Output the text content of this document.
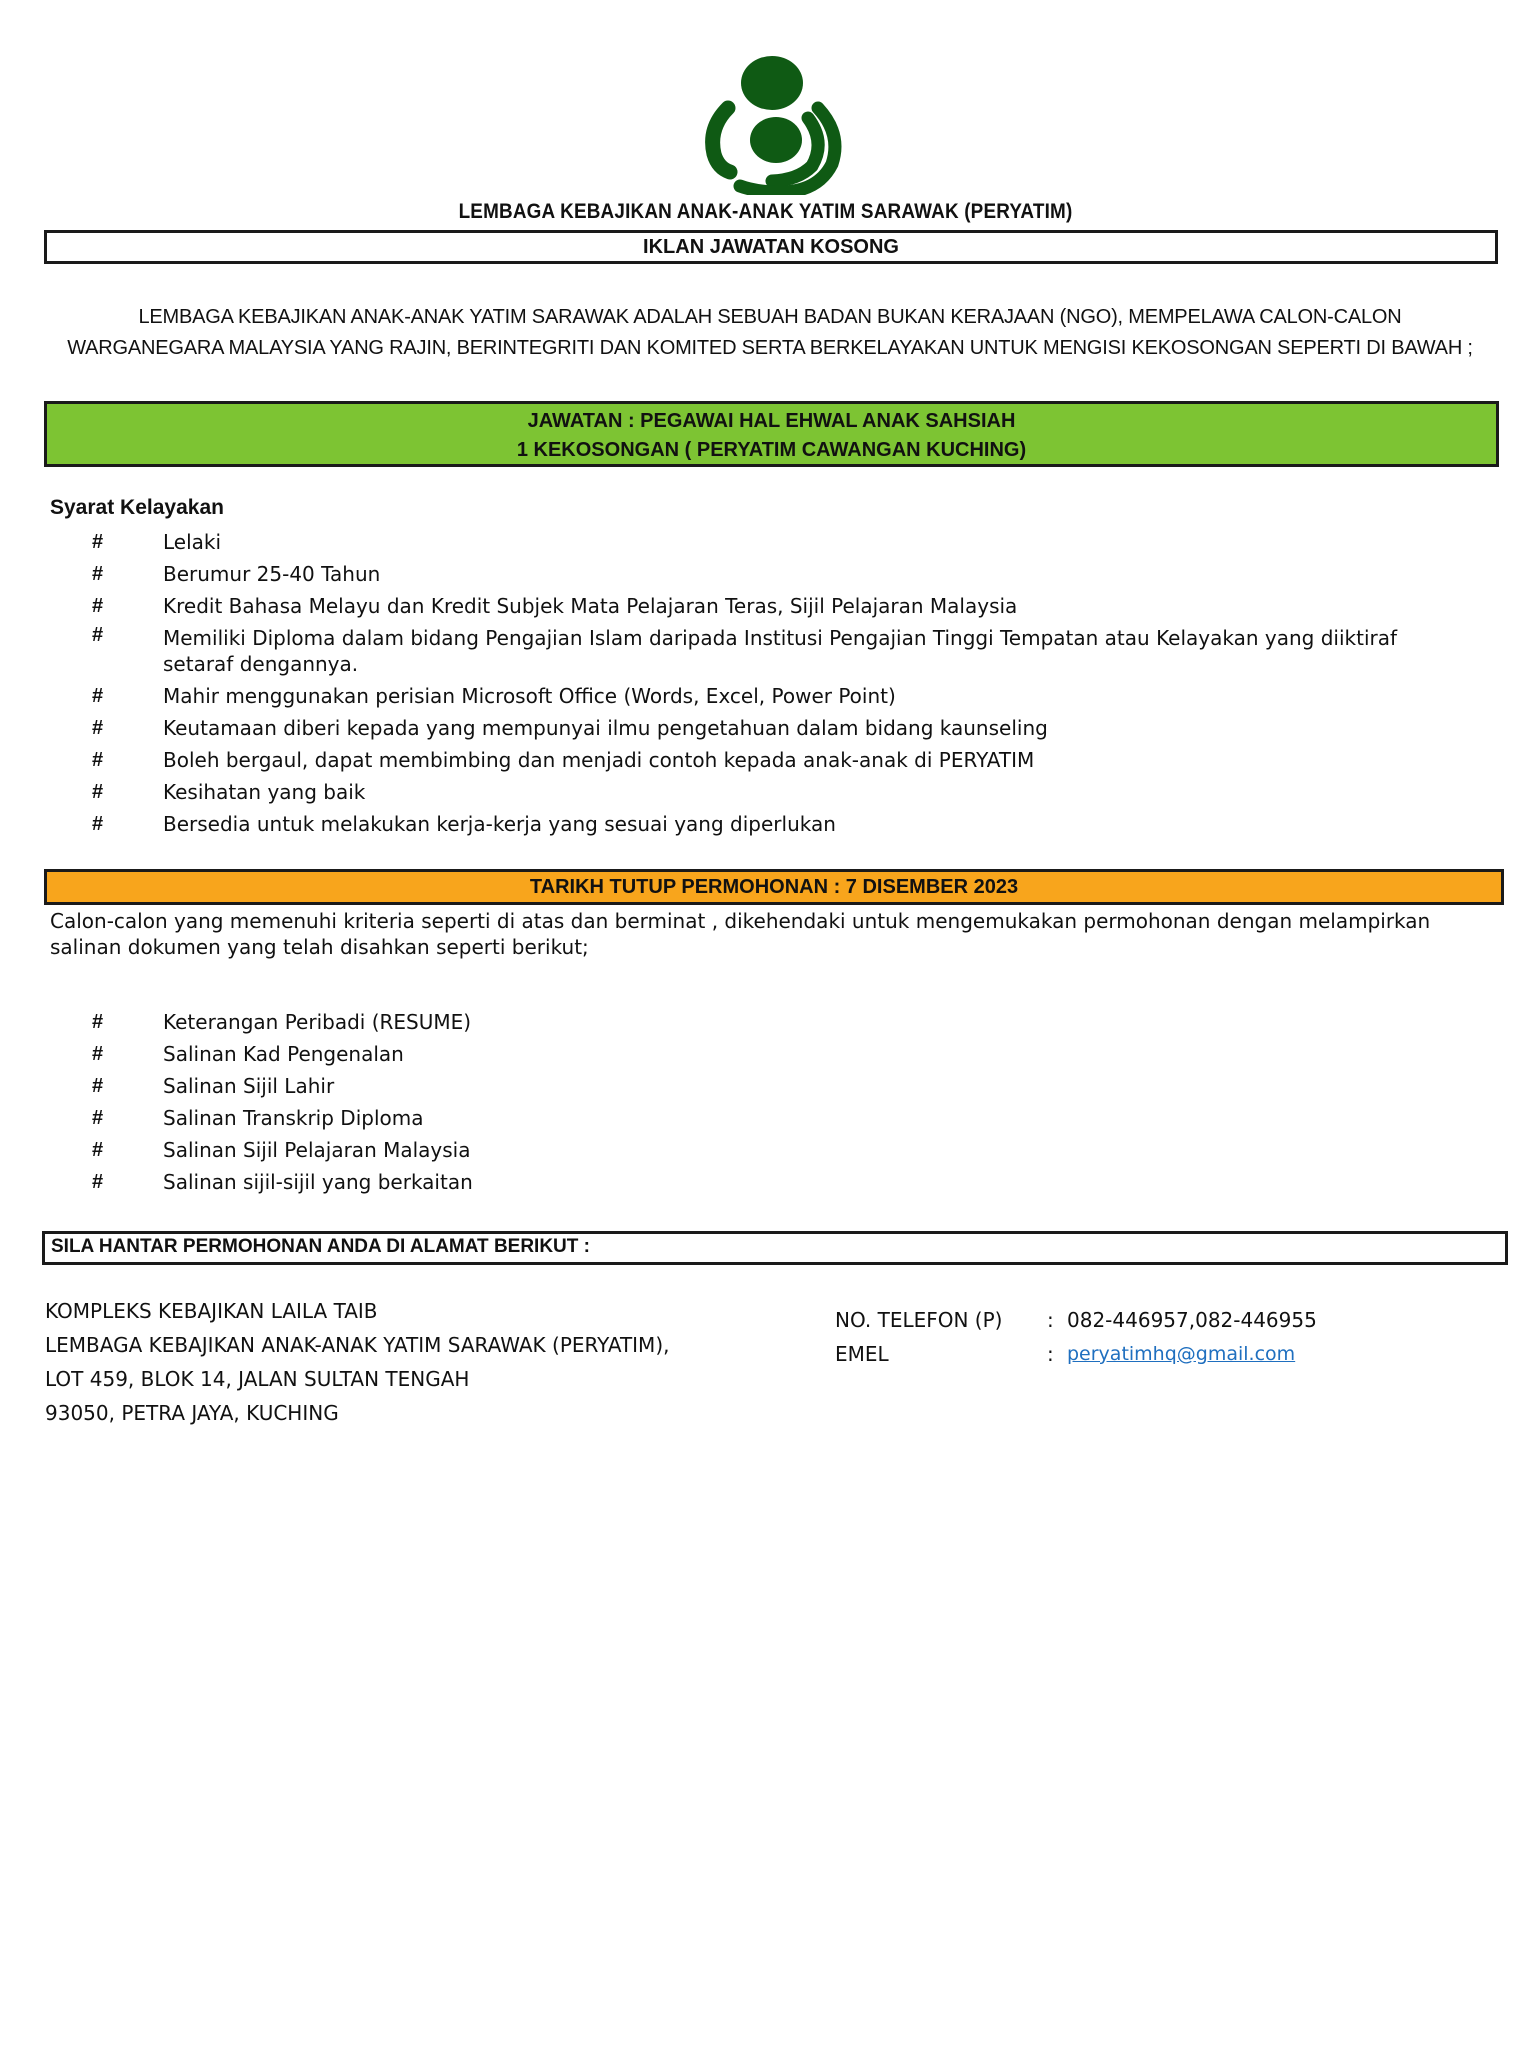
LEMBAGA KEBAJIKAN ANAK-ANAK YATIM SARAWAK (PERYATIM)
IKLAN JAWATAN KOSONG
LEMBAGA KEBAJIKAN ANAK-ANAK YATIM SARAWAK ADALAH SEBUAH BADAN BUKAN KERAJAAN (NGO), MEMPELAWA CALON-CALON WARGANEGARA MALAYSIA YANG RAJIN, BERINTEGRITI DAN KOMITED SERTA BERKELAYAKAN UNTUK MENGISI KEKOSONGAN SEPERTI DI BAWAH ;
JAWATAN : PEGAWAI HAL EHWAL ANAK SAHSIAH
1 KEKOSONGAN ( PERYATIM CAWANGAN KUCHING)
Syarat Kelayakan
#	Lelaki
#	Berumur 25-40 Tahun
#	Kredit Bahasa Melayu dan Kredit Subjek Mata Pelajaran Teras, Sijil Pelajaran Malaysia
#	Memiliki Diploma dalam bidang Pengajian Islam daripada Institusi Pengajian Tinggi Tempatan atau Kelayakan yang diiktiraf setaraf dengannya.
#	Mahir menggunakan perisian Microsoft Office (Words, Excel, Power Point)
#	Keutamaan diberi kepada yang mempunyai ilmu pengetahuan dalam bidang kaunseling
#	Boleh bergaul, dapat membimbing dan menjadi contoh kepada anak-anak di PERYATIM
#	Kesihatan yang baik
#	Bersedia untuk melakukan kerja-kerja yang sesuai yang diperlukan
TARIKH TUTUP PERMOHONAN : 7 DISEMBER 2023
Calon-calon yang memenuhi kriteria seperti di atas dan berminat , dikehendaki untuk mengemukakan permohonan dengan melampirkan salinan dokumen yang telah disahkan seperti berikut;
#	Keterangan Peribadi (RESUME)
#	Salinan Kad Pengenalan
#	Salinan Sijil Lahir
#	Salinan Transkrip Diploma
#	Salinan Sijil Pelajaran Malaysia
#	Salinan sijil-sijil yang berkaitan
SILA HANTAR PERMOHONAN ANDA DI ALAMAT BERIKUT :
KOMPLEKS KEBAJIKAN LAILA TAIB
LEMBAGA KEBAJIKAN ANAK-ANAK YATIM SARAWAK (PERYATIM),
LOT 459, BLOK 14, JALAN SULTAN TENGAH
93050, PETRA JAYA, KUCHING
NO. TELEFON (P)	: 082-446957,082-446955
EMEL	: peryatimhq@gmail.com
